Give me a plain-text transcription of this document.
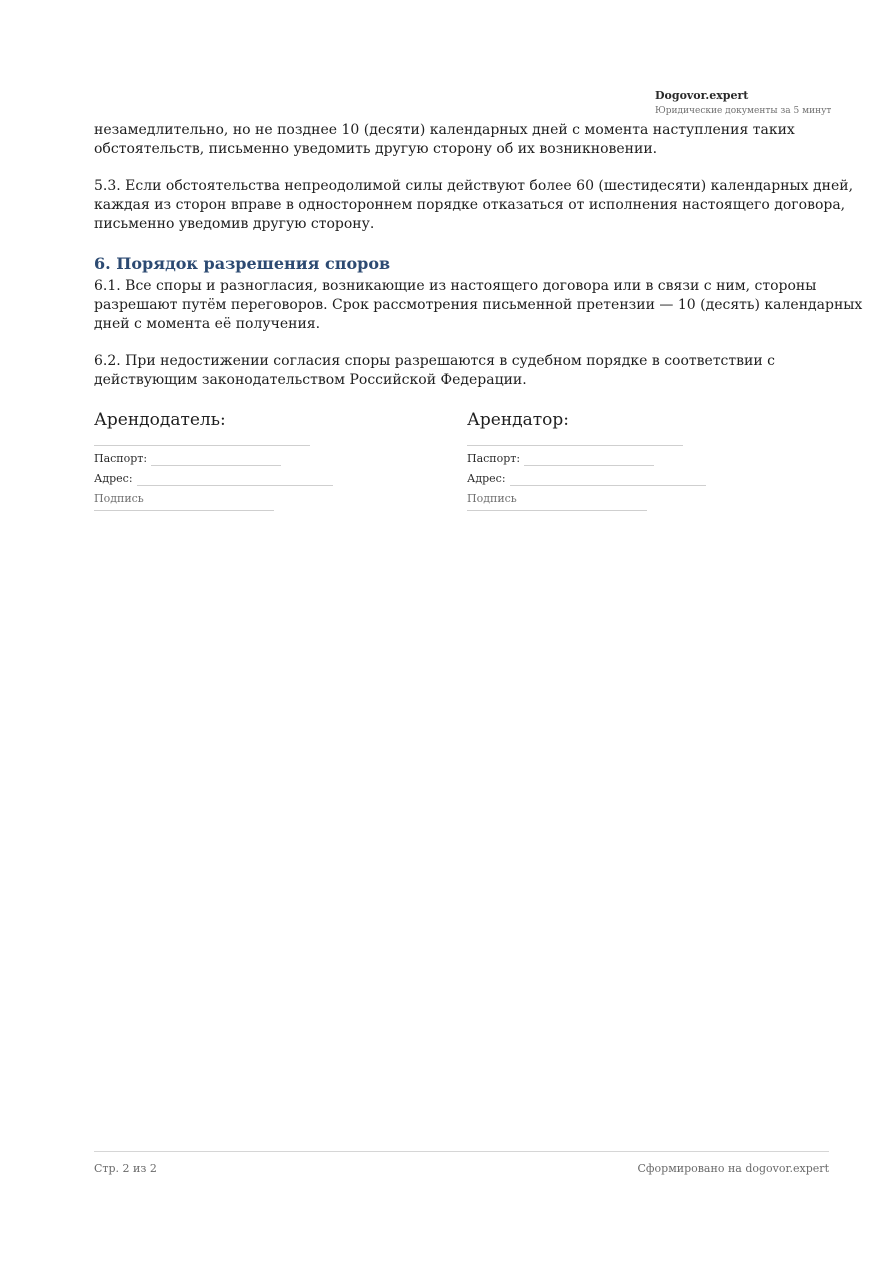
Dogovor.expert
Юридические документы за 5 минут

незамедлительно, но не позднее 10 (десяти) календарных дней с момента наступления таких обстоятельств, письменно уведомить другую сторону об их возникновении.

5.3. Если обстоятельства непреодолимой силы действуют более 60 (шестидесяти) календарных дней, каждая из сторон вправе в одностороннем порядке отказаться от исполнения настоящего договора, письменно уведомив другую сторону.

6. Порядок разрешения споров

6.1. Все споры и разногласия, возникающие из настоящего договора или в связи с ним, стороны разрешают путём переговоров. Срок рассмотрения письменной претензии — 10 (десять) календарных дней с момента её получения.

6.2. При недостижении согласия споры разрешаются в судебном порядке в соответствии с действующим законодательством Российской Федерации.

Арендодатель:
Паспорт:
Адрес:
Подпись
Арендатор:
Паспорт:
Адрес:
Подпись
Стр. 2 из 2	Сформировано на dogovor.expert
